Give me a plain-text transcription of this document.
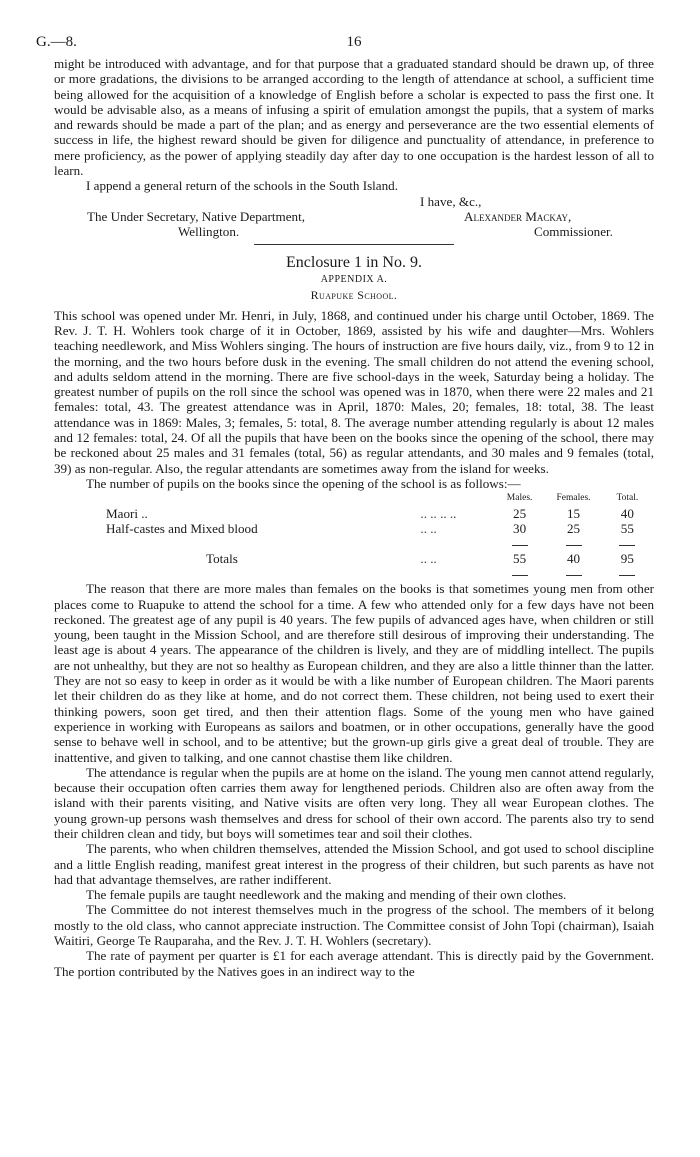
G.—8.	16

might be introduced with advantage, and for that purpose that a graduated standard should be drawn up, of three or more gradations, the divisions to be arranged according to the length of attendance at school, a sufficient time being allowed for the acquisition of a knowledge of English before a scholar is expected to pass the first one. It would be advisable also, as a means of infusing a spirit of emulation amongst the pupils, that a system of marks and rewards should be made a part of the plan; and as energy and perseverance are the two essential elements of success in life, the highest reward should be given for diligence and punctuality of attendance, in preference to mere proficiency, as the power of applying steadily day after day to one occupation is the hardest lesson of all to learn.

I append a general return of the schools in the South Island.

I have, &c.,
The Under Secretary, Native Department,
Wellington.
Alexander Mackay,
Commissioner.
Enclosure 1 in No. 9.
APPENDIX A.
Ruapuke School.

This school was opened under Mr. Henri, in July, 1868, and continued under his charge until October, 1869. The Rev. J. T. H. Wohlers took charge of it in October, 1869, assisted by his wife and daughter—Mrs. Wohlers teaching needlework, and Miss Wohlers singing. The hours of instruction are five hours daily, viz., from 9 to 12 in the morning, and the two hours before dusk in the evening. The small children do not attend the evening school, and adults seldom attend in the morning. There are five school-days in the week, Saturday being a holiday. The greatest number of pupils on the roll since the school was opened was in 1870, when there were 22 males and 21 females: total, 43. The greatest attendance was in April, 1870: Males, 20; females, 18: total, 38. The least attendance was in 1869: Males, 3; females, 5: total, 8. The average number attending regularly is about 12 males and 12 females: total, 24. Of all the pupils that have been on the books since the opening of the school, there may be reckoned about 25 males and 31 females (total, 56) as regular attendants, and 30 males and 9 females (total, 39) as non-regular. Also, the regular attendants are sometimes away from the island for weeks.

The number of pupils on the books since the opening of the school is as follows:—

		Males.	Females.	Total.
Maori ..	.. .. .. ..	25	15	40
Half-castes and Mixed blood	.. ..	30	25	55

Totals	.. ..	55	40	95

The reason that there are more males than females on the books is that sometimes young men from other places come to Ruapuke to attend the school for a time. A few who attended only for a few days have not been reckoned. The greatest age of any pupil is 40 years. The few pupils of advanced ages have, when children or still young, been taught in the Mission School, and are therefore still desirous of improving their understanding. The least age is about 4 years. The appearance of the children is lively, and they are of middling intellect. The pupils are not unhealthy, but they are not so healthy as European children, and they are also a little thinner than the latter. They are not so easy to keep in order as it would be with a like number of European children. The Maori parents let their children do as they like at home, and do not correct them. These children, not being used to exert their thinking powers, soon get tired, and then their attention flags. Some of the young men who have gained experience in working with Europeans as sailors and boatmen, or in other occupations, generally have the good sense to behave well in school, and to be attentive; but the grown-up girls give a great deal of trouble. They are inattentive, and given to talking, and one cannot chastise them like children.

The attendance is regular when the pupils are at home on the island. The young men cannot attend regularly, because their occupation often carries them away for lengthened periods. Children also are often away from the island with their parents visiting, and Native visits are often very long. They all wear European clothes. The young grown-up persons wash themselves and dress for school of their own accord. The parents also try to send their children clean and tidy, but boys will sometimes tear and soil their clothes.

The parents, who when children themselves, attended the Mission School, and got used to school discipline and a little English reading, manifest great interest in the progress of their children, but such parents as have not had that advantage themselves, are rather indifferent.

The female pupils are taught needlework and the making and mending of their own clothes.

The Committee do not interest themselves much in the progress of the school. The members of it belong mostly to the old class, who cannot appreciate instruction. The Committee consist of John Topi (chairman), Isaiah Waitiri, George Te Rauparaha, and the Rev. J. T. H. Wohlers (secretary).

The rate of payment per quarter is £1 for each average attendant. This is directly paid by the Government. The portion contributed by the Natives goes in an indirect way to the
